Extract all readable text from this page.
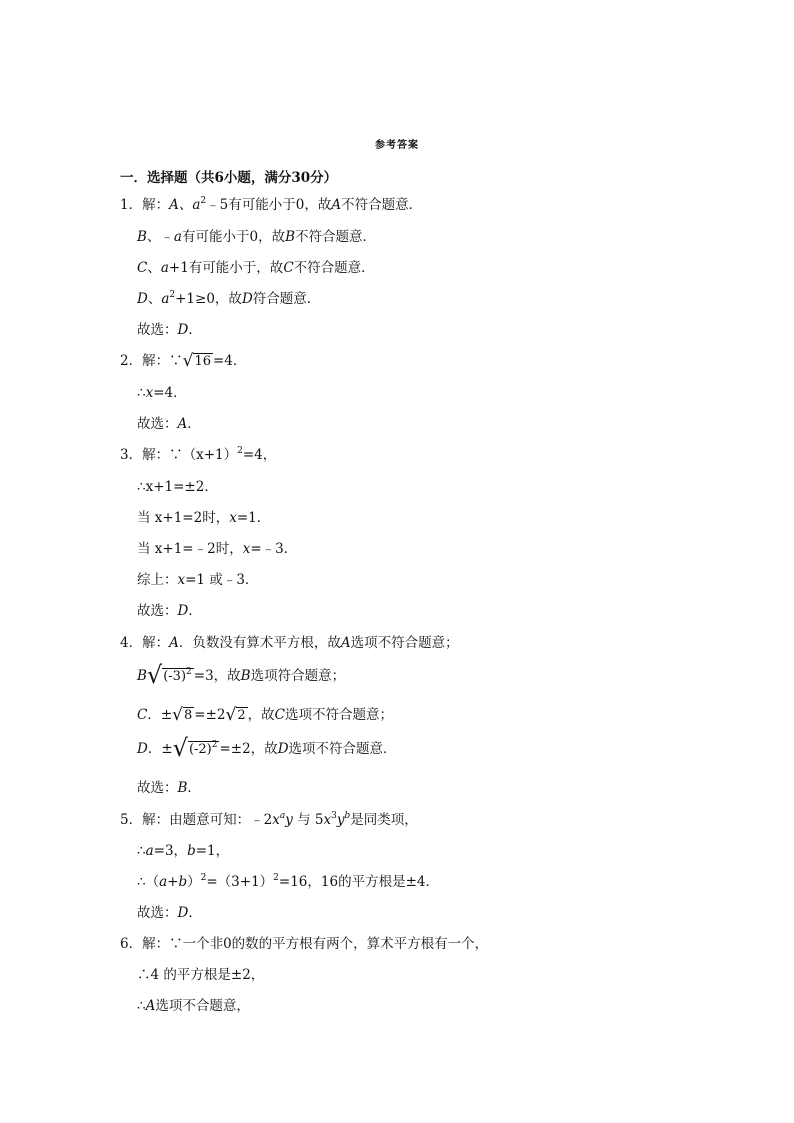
参考答案
一．选择题（共6小题，满分30分）
1．解：A、$a^2﹣5$有可能小于0，故A不符合题意．
B、﹣a有可能小于0，故B不符合题意．
C、a+1有可能小于，故C不符合题意．
D、$a^2+1\ge 0$，故D符合题意．
故选：D．
2．解：∵√16 =4．
∴x=4．
故选：A．
3．解：$\because(x+1)^2=4$，
∴x+1=±2．
当 x+1=2时，x=1．
当 x+1=﹣2时，x=﹣3．
综上：x=1 或﹣3．
故选：D．
4．解：A．负数没有算术平方根，故A选项不符合题意；
$B√(-3)^2 =3$，故B选项符合题意；
C．±√8 =±2√2 ，故C选项不符合题意；
D．$\pm√(-2)^2 =\pm 2$，故D选项不符合题意．
故选：B．
5．解：由题意可知：$﹣2x^ay$ 与 $5x^3y^b$是同类项，
∴a=3，b=1，
$\therefore(a+b)^2=(3+1)^2=16$，16的平方根是±4．
故选：D．
6．解：∵一个非0的数的平方根有两个，算术平方根有一个，
∴4 的平方根是±2，
∴A选项不合题意，
